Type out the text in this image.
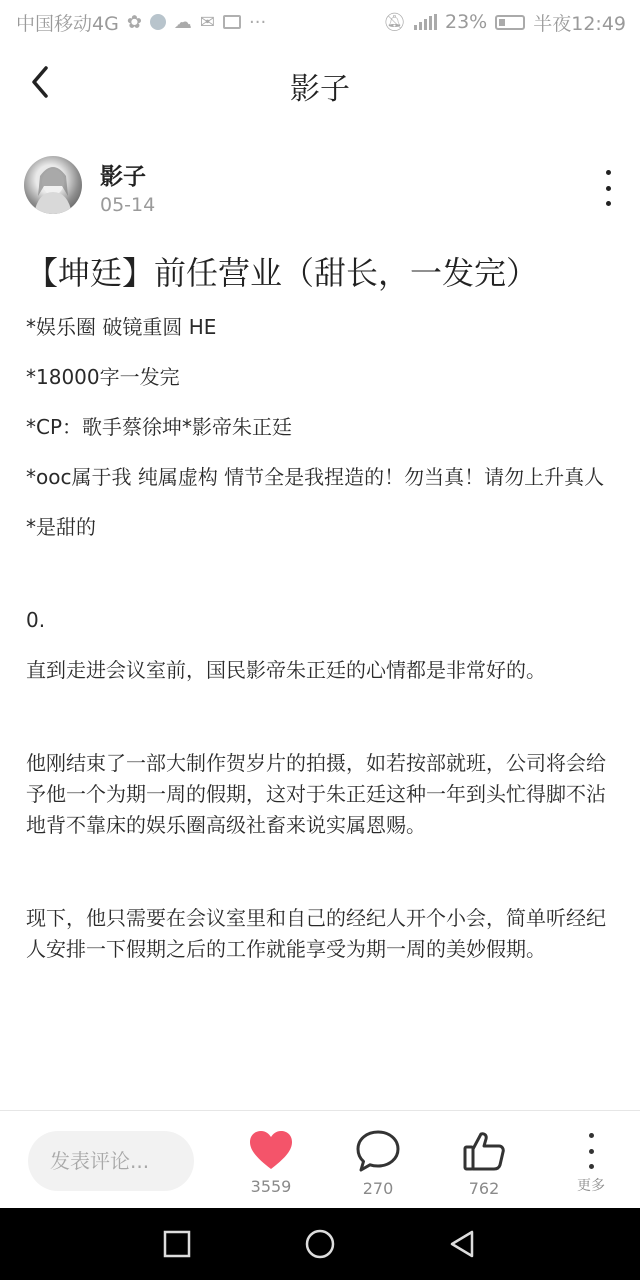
中国移动4G ✿ ☁ ✉ ···	🔕︎ 23% 半夜12:49
影子
影子
05-14
【坤廷】前任营业（甜长，一发完）

*娱乐圈 破镜重圆 HE

*18000字一发完

*CP：歌手蔡徐坤*影帝朱正廷

*ooc属于我 纯属虚构 情节全是我捏造的！勿当真！请勿上升真人

*是甜的

0.

直到走进会议室前，国民影帝朱正廷的心情都是非常好的。

他刚结束了一部大制作贺岁片的拍摄，如若按部就班，公司将会给予他一个为期一周的假期，这对于朱正廷这种一年到头忙得脚不沾地背不靠床的娱乐圈高级社畜来说实属恩赐。

现下，他只需要在会议室里和自己的经纪人开个小会，简单听经纪人安排一下假期之后的工作就能享受为期一周的美妙假期。

发表评论...
3559	270	762	更多
